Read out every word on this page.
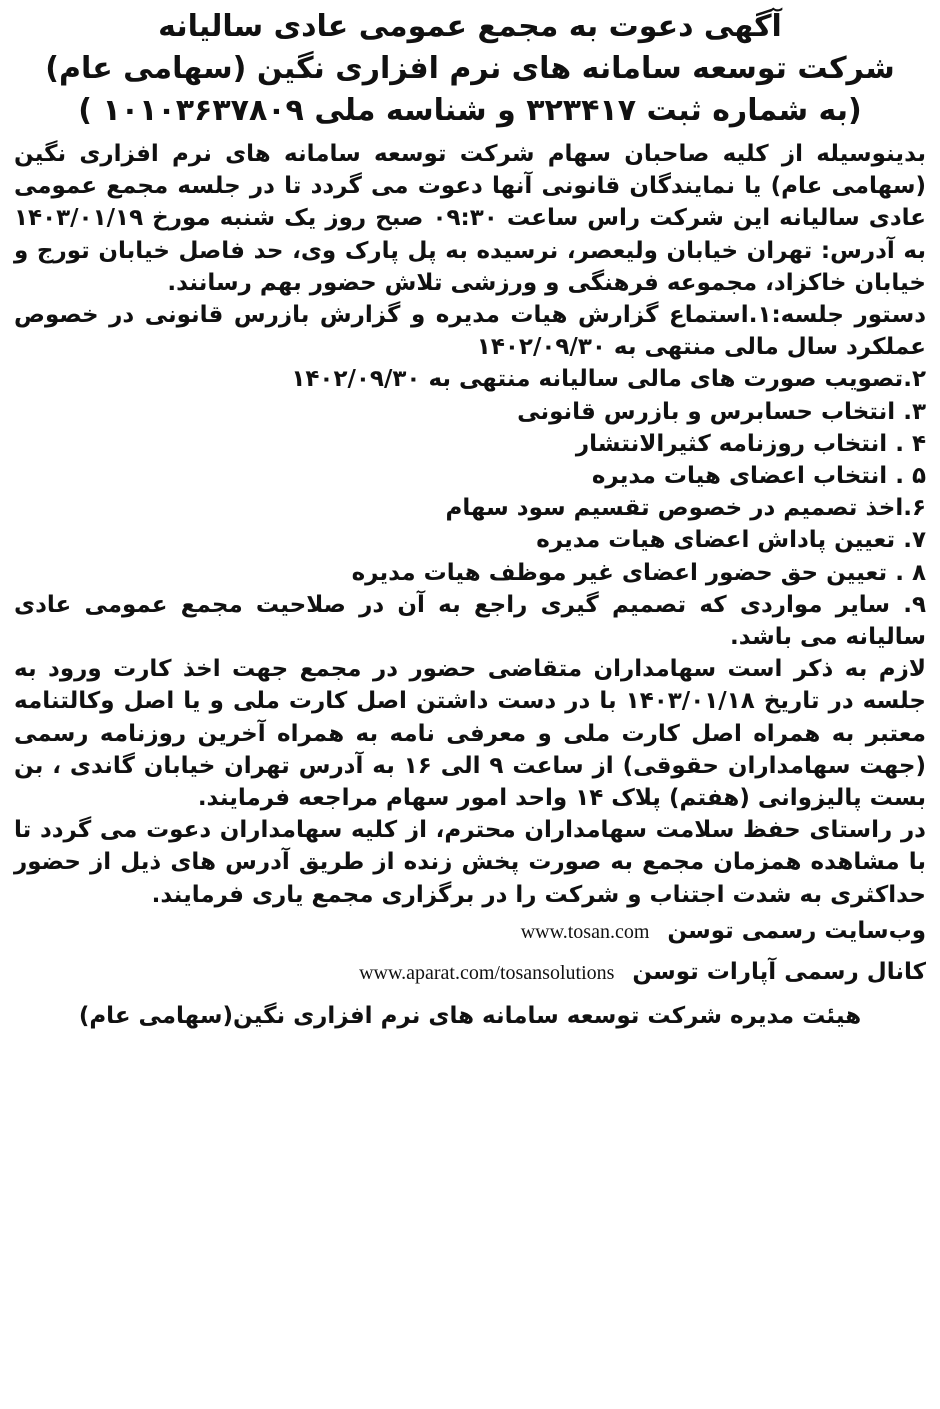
آگهی دعوت به مجمع عمومی عادی سالیانه
شرکت توسعه سامانه های نرم افزاری نگین (سهامی عام)
(به شماره ثبت ۳۲۳۴۱۷ و شناسه ملی ۱۰۱۰۳۶۳۷۸۰۹ )

بدینوسیله از کلیه صاحبان سهام شرکت توسعه سامانه های نرم افزاری نگین (سهامی عام) یا نمایندگان قانونی آنها دعوت می گردد تا در جلسه مجمع عمومی عادی سالیانه این شرکت راس ساعت ۰۹:۳۰ صبح روز یک شنبه مورخ ۱۴۰۳/۰۱/۱۹ به آدرس: تهران خیابان ولیعصر، نرسیده به پل پارک وی، حد فاصل خیابان تورج و خیابان خاکزاد، مجموعه فرهنگی و ورزشی تلاش حضور بهم رسانند.

دستور جلسه:۱.استماع گزارش هیات مدیره و گزارش بازرس قانونی در خصوص عملکرد سال مالی منتهی به ۱۴۰۲/۰۹/۳۰

۲.تصویب صورت های مالی سالیانه منتهی به ۱۴۰۲/۰۹/۳۰

۳. انتخاب حسابرس و بازرس قانونی

۴ . انتخاب روزنامه کثیرالانتشار

۵ . انتخاب اعضای هیات مدیره

۶.اخذ تصمیم در خصوص تقسیم سود سهام

۷. تعیین پاداش اعضای هیات مدیره

۸ . تعیین حق حضور اعضای غیر موظف هیات مدیره

۹. سایر مواردی که تصمیم گیری راجع به آن در صلاحیت مجمع عمومی عادی سالیانه می باشد.

لازم به ذکر است سهامداران متقاضی حضور در مجمع جهت اخذ کارت ورود به جلسه در تاریخ ۱۴۰۳/۰۱/۱۸ با در دست داشتن اصل کارت ملی و یا اصل وکالتنامه معتبر به همراه اصل کارت ملی و معرفی نامه به همراه آخرین روزنامه رسمی (جهت سهامداران حقوقی) از ساعت ۹ الی ۱۶ به آدرس تهران خیابان گاندی ، بن بست پالیزوانی (هفتم) پلاک ۱۴ واحد امور سهام مراجعه فرمایند.

در راستای حفظ سلامت سهامداران محترم، از کلیه سهامداران دعوت می گردد تا با مشاهده همزمان مجمع به صورت پخش زنده از طریق آدرس های ذیل از حضور حداکثری به شدت اجتناب و شرکت را در برگزاری مجمع یاری فرمایند.

وب‌سایت رسمی توسن
www.tosan.com
کانال رسمی آپارات توسن
www.aparat.com/tosansolutions
هیئت مدیره شرکت توسعه سامانه های نرم افزاری نگین(سهامی عام)
